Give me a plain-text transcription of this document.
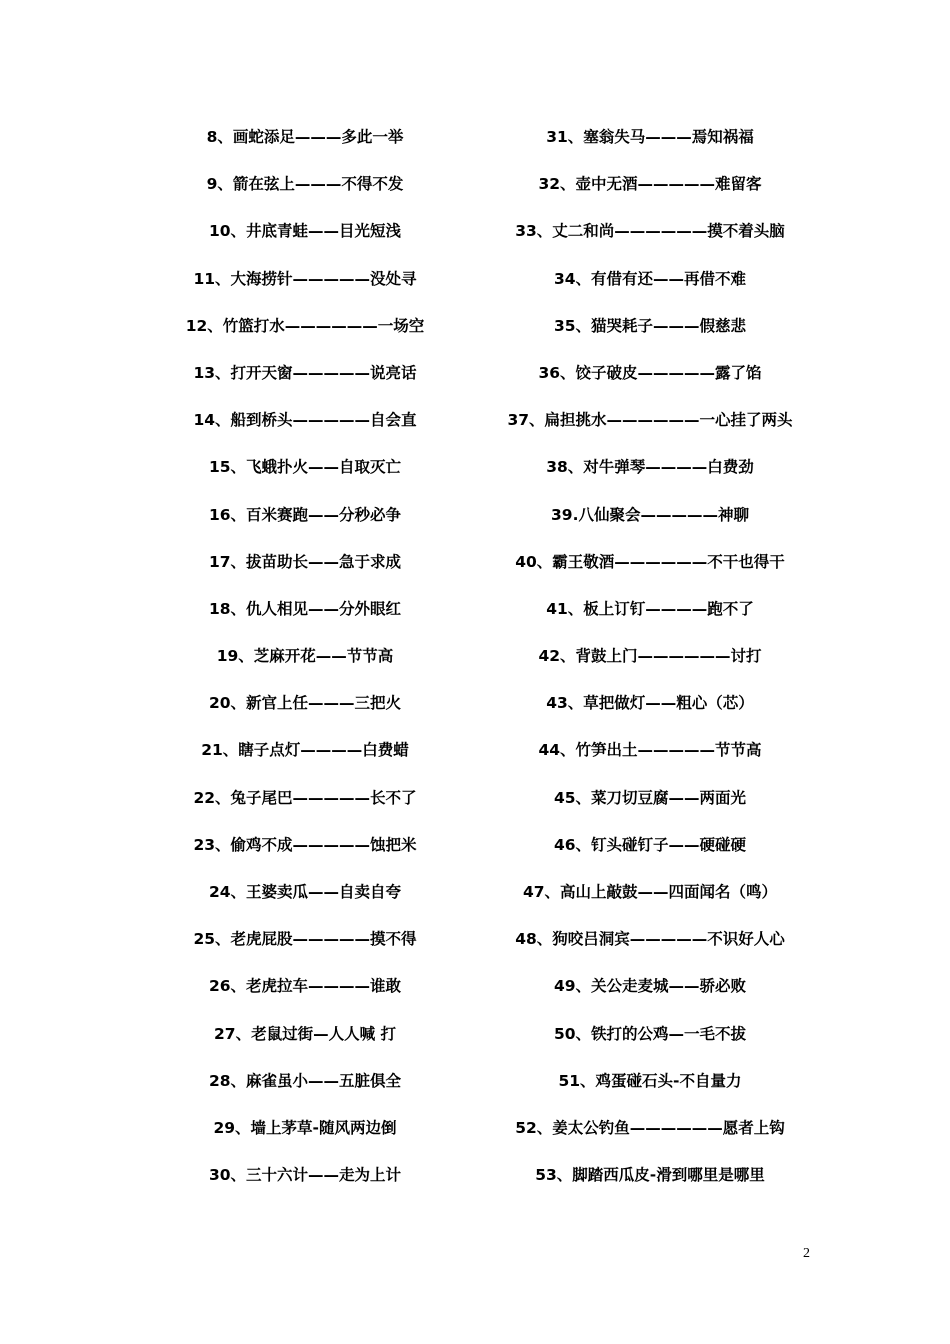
8、画蛇添足———多此一举
9、箭在弦上———不得不发
10、井底青蛙——目光短浅
11、大海捞针—————没处寻
12、竹篮打水——————一场空
13、打开天窗—————说亮话
14、船到桥头—————自会直
15、飞蛾扑火——自取灭亡
16、百米赛跑——分秒必争
17、拔苗助长——急于求成
18、仇人相见——分外眼红
19、芝麻开花——节节高
20、新官上任———三把火
21、瞎子点灯————白费蜡
22、兔子尾巴—————长不了
23、偷鸡不成—————蚀把米
24、王婆卖瓜——自卖自夸
25、老虎屁股—————摸不得
26、老虎拉车————谁敢
27、老鼠过街—人人喊 打
28、麻雀虽小——五脏俱全
29、墙上茅草-随风两边倒
30、三十六计——走为上计
31、塞翁失马———焉知祸福
32、壶中无酒—————难留客
33、丈二和尚——————摸不着头脑
34、有借有还——再借不难
35、猫哭耗子———假慈悲
36、饺子破皮—————露了馅
37、扁担挑水——————一心挂了两头
38、对牛弹琴————白费劲
39.八仙聚会—————神聊
40、霸王敬酒——————不干也得干
41、板上订钉————跑不了
42、背鼓上门——————讨打
43、草把做灯——粗心（芯）
44、竹笋出土—————节节高
45、菜刀切豆腐——两面光
46、钉头碰钉子——硬碰硬
47、高山上敲鼓——四面闻名（鸣）
48、狗咬吕洞宾—————不识好人心
49、关公走麦城——骄必败
50、铁打的公鸡—一毛不拔
51、鸡蛋碰石头-不自量力
52、姜太公钓鱼——————愿者上钩
53、脚踏西瓜皮-滑到哪里是哪里
2
